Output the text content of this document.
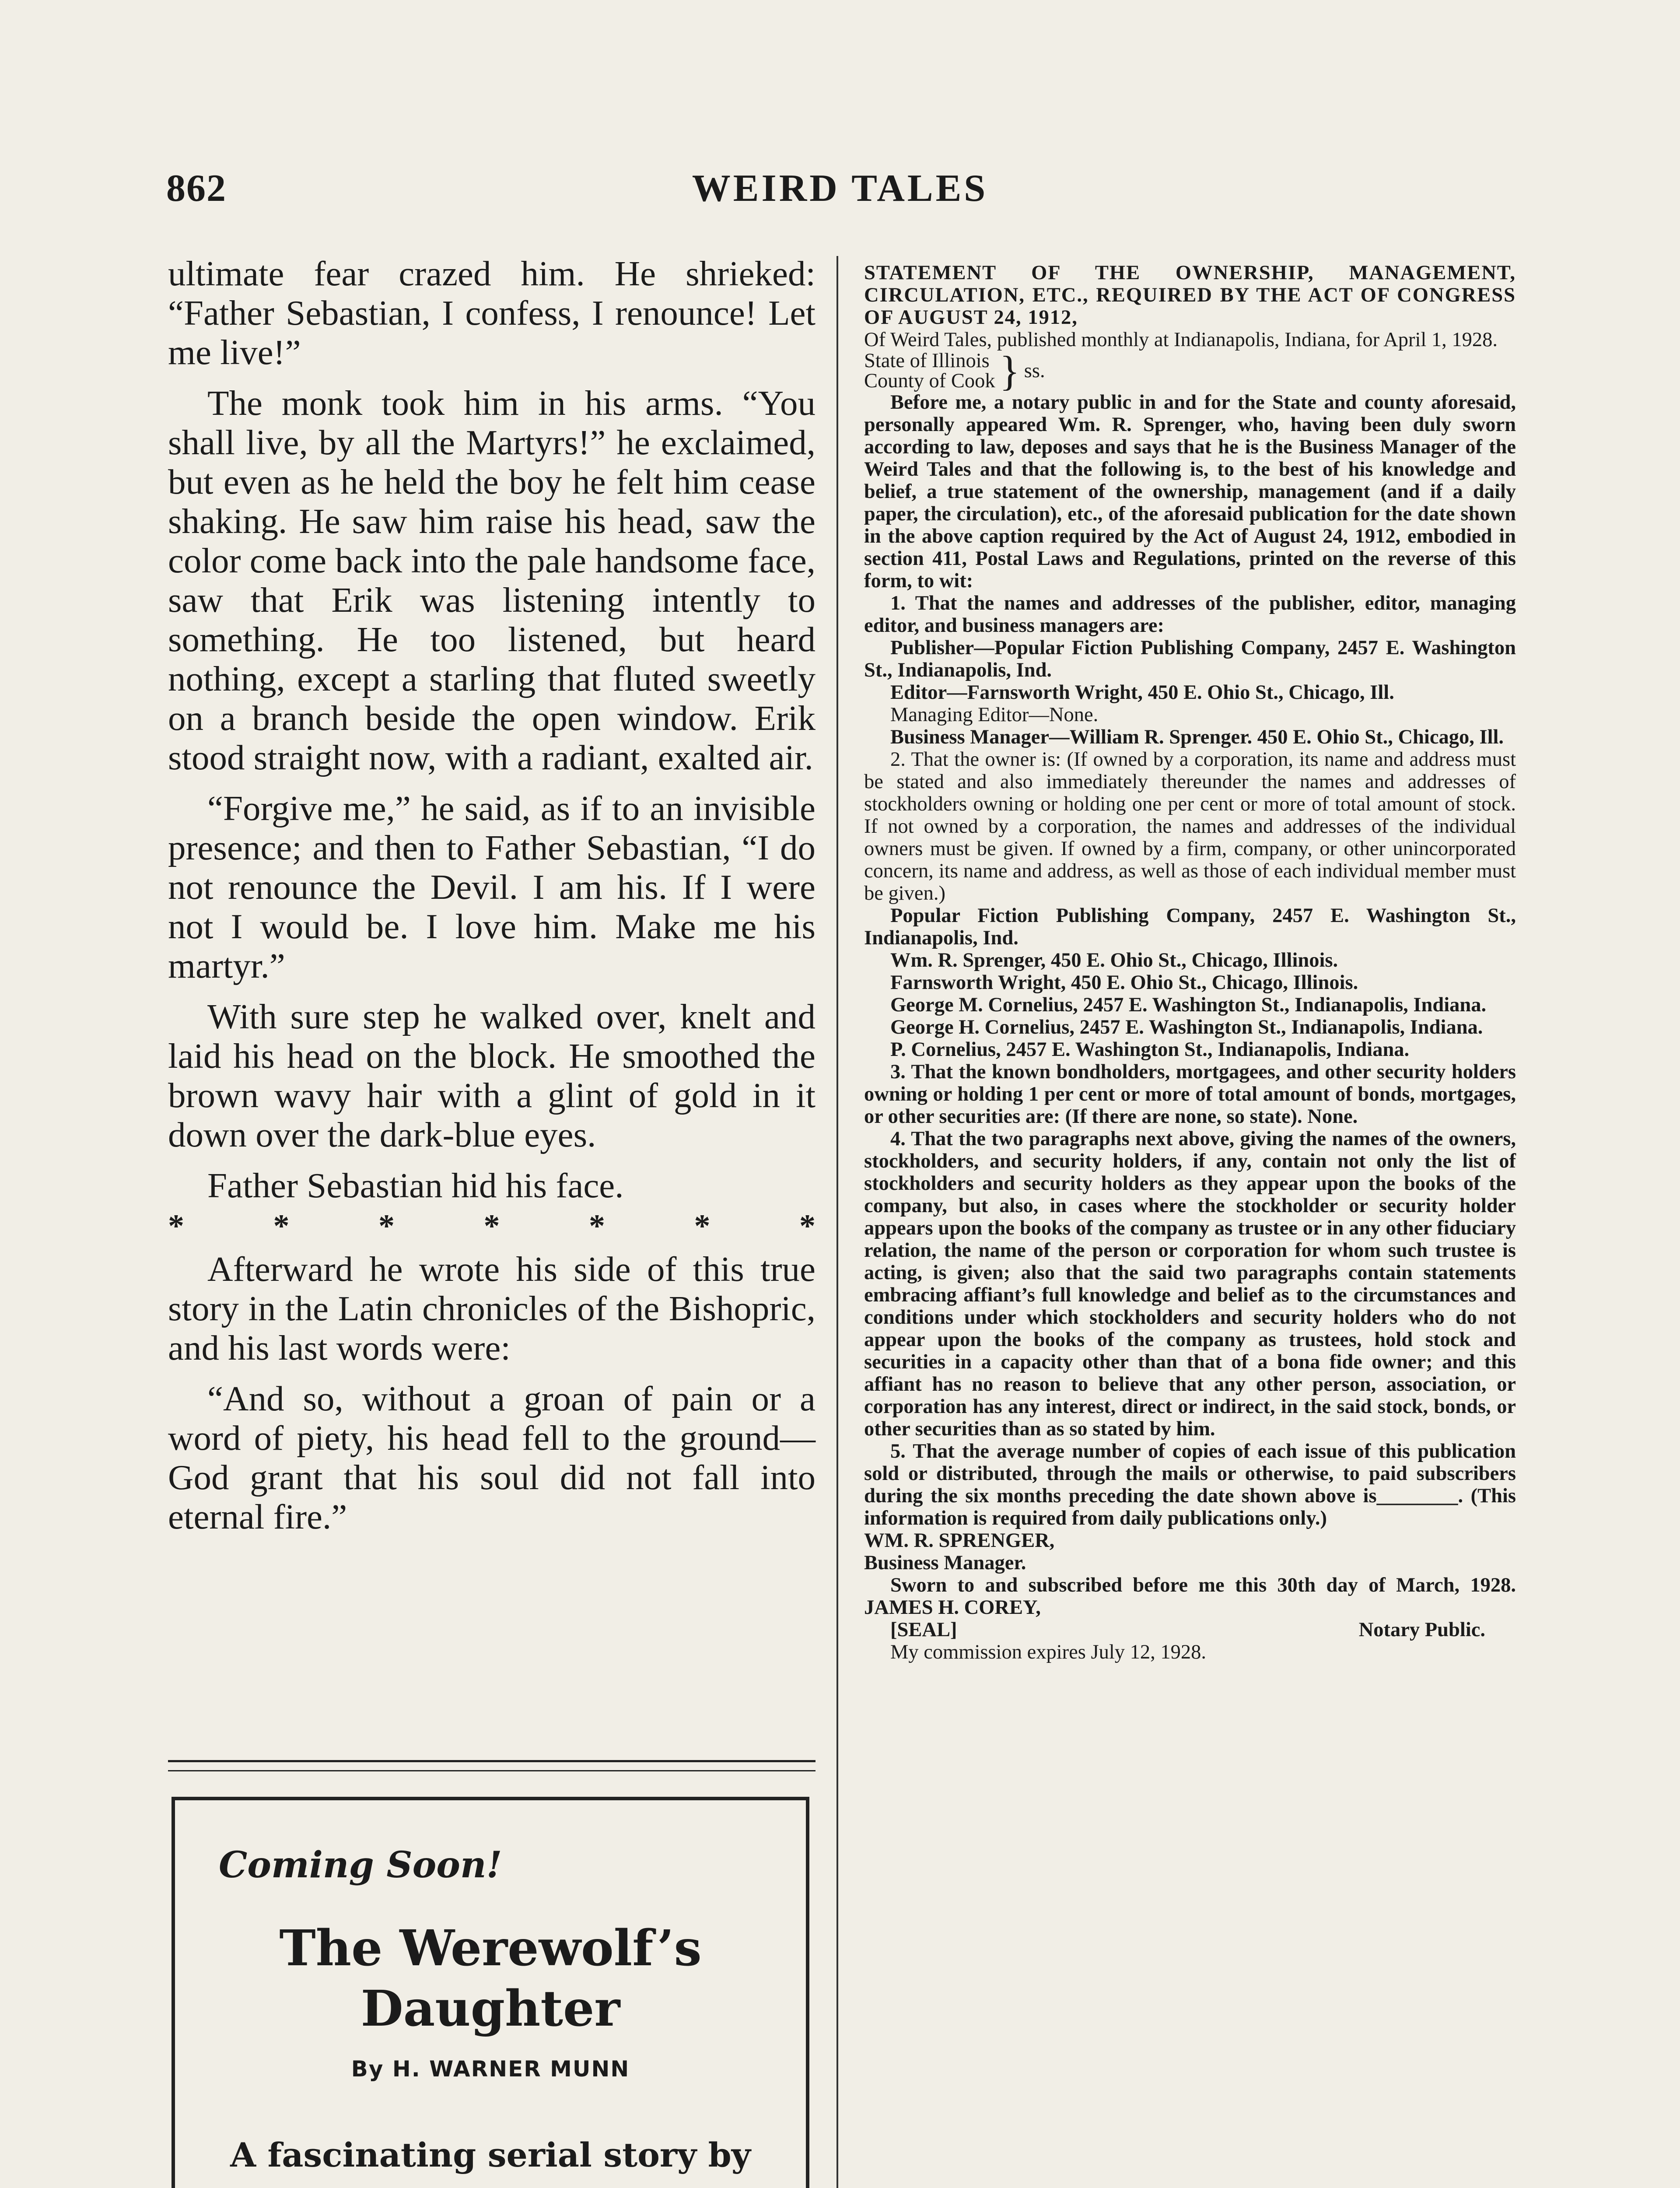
862	WEIRD TALES

ultimate fear crazed him. He shrieked: “Father Sebastian, I confess, I renounce! Let me live!”

The monk took him in his arms. “You shall live, by all the Martyrs!” he exclaimed, but even as he held the boy he felt him cease shaking. He saw him raise his head, saw the color come back into the pale handsome face, saw that Erik was listening intently to something. He too listened, but heard nothing, except a starling that fluted sweetly on a branch beside the open window. Erik stood straight now, with a radiant, exalted air.

“Forgive me,” he said, as if to an invisible presence; and then to Father Sebastian, “I do not renounce the Devil. I am his. If I were not I would be. I love him. Make me his martyr.”

With sure step he walked over, knelt and laid his head on the block. He smoothed the brown wavy hair with a glint of gold in it down over the dark-blue eyes.

Father Sebastian hid his face.

*	*	*	*	*	*	*

Afterward he wrote his side of this true story in the Latin chronicles of the Bishopric, and his last words were:

“And so, without a groan of pain or a word of piety, his head fell to the ground—God grant that his soul did not fall into eternal fire.”

Coming Soon!
The Werewolf’s
Daughter
By H. WARNER MUNN
A fascinating serial story by

STATEMENT OF THE OWNERSHIP, MANAGEMENT, CIRCULATION, ETC., REQUIRED BY THE ACT OF CONGRESS OF AUGUST 24, 1912,

Of Weird Tales, published monthly at Indianapolis, Indiana, for April 1, 1928.

State of Illinois
County of Cook } ss.

Before me, a notary public in and for the State and county aforesaid, personally appeared Wm. R. Sprenger, who, having been duly sworn according to law, deposes and says that he is the Business Manager of the Weird Tales and that the following is, to the best of his knowledge and belief, a true statement of the ownership, management (and if a daily paper, the circulation), etc., of the aforesaid publication for the date shown in the above caption required by the Act of August 24, 1912, embodied in section 411, Postal Laws and Regulations, printed on the reverse of this form, to wit:

1. That the names and addresses of the publisher, editor, managing editor, and business managers are:

Publisher—Popular Fiction Publishing Company, 2457 E. Washington St., Indianapolis, Ind.

Editor—Farnsworth Wright, 450 E. Ohio St., Chicago, Ill.

Managing Editor—None.

Business Manager—William R. Sprenger. 450 E. Ohio St., Chicago, Ill.

2. That the owner is: (If owned by a corporation, its name and address must be stated and also immediately thereunder the names and addresses of stockholders owning or holding one per cent or more of total amount of stock. If not owned by a corporation, the names and addresses of the individual owners must be given. If owned by a firm, company, or other unincorporated concern, its name and address, as well as those of each individual member must be given.)

Popular Fiction Publishing Company, 2457 E. Washington St., Indianapolis, Ind.

Wm. R. Sprenger, 450 E. Ohio St., Chicago, Illinois.

Farnsworth Wright, 450 E. Ohio St., Chicago, Illinois.

George M. Cornelius, 2457 E. Washington St., Indianapolis, Indiana.

George H. Cornelius, 2457 E. Washington St., Indianapolis, Indiana.

P. Cornelius, 2457 E. Washington St., Indianapolis, Indiana.

3. That the known bondholders, mortgagees, and other security holders owning or holding 1 per cent or more of total amount of bonds, mortgages, or other securities are: (If there are none, so state). None.

4. That the two paragraphs next above, giving the names of the owners, stockholders, and security holders, if any, contain not only the list of stockholders and security holders as they appear upon the books of the company, but also, in cases where the stockholder or security holder appears upon the books of the company as trustee or in any other fiduciary relation, the name of the person or corporation for whom such trustee is acting, is given; also that the said two paragraphs contain statements embracing affiant’s full knowledge and belief as to the circumstances and conditions under which stockholders and security holders who do not appear upon the books of the company as trustees, hold stock and securities in a capacity other than that of a bona fide owner; and this affiant has no reason to believe that any other person, association, or corporation has any interest, direct or indirect, in the said stock, bonds, or other securities than as so stated by him.

5. That the average number of copies of each issue of this publication sold or distributed, through the mails or otherwise, to paid subscribers during the six months preceding the date shown above is________. (This information is required from daily publications only.)

WM. R. SPRENGER,

Business Manager.

Sworn to and subscribed before me this 30th day of March, 1928. JAMES H. COREY,

[SEAL]	Notary Public.

My commission expires July 12, 1928.
